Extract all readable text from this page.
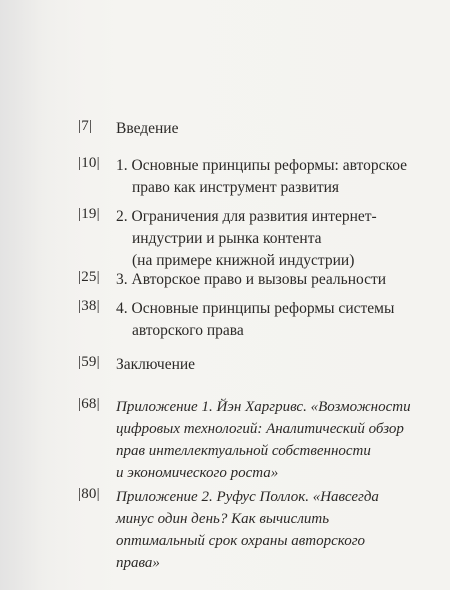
|7| Введение
|10| 1. Основные принципы реформы: авторское
право как инструмент развития
|19| 2. Ограничения для развития интернет-
индустрии и рынка контента
(на примере книжной индустрии)
|25| 3. Авторское право и вызовы реальности
|38| 4. Основные принципы реформы системы
авторского права
|59| Заключение
|68| Приложение 1. Йэн Харгривс. «Возможности
цифровых технологий: Аналитический обзор
прав интеллектуальной собственности
и экономического роста»
|80| Приложение 2. Руфус Поллок. «Навсегда
минус один день? Как вычислить
оптимальный срок охраны авторского
права»
